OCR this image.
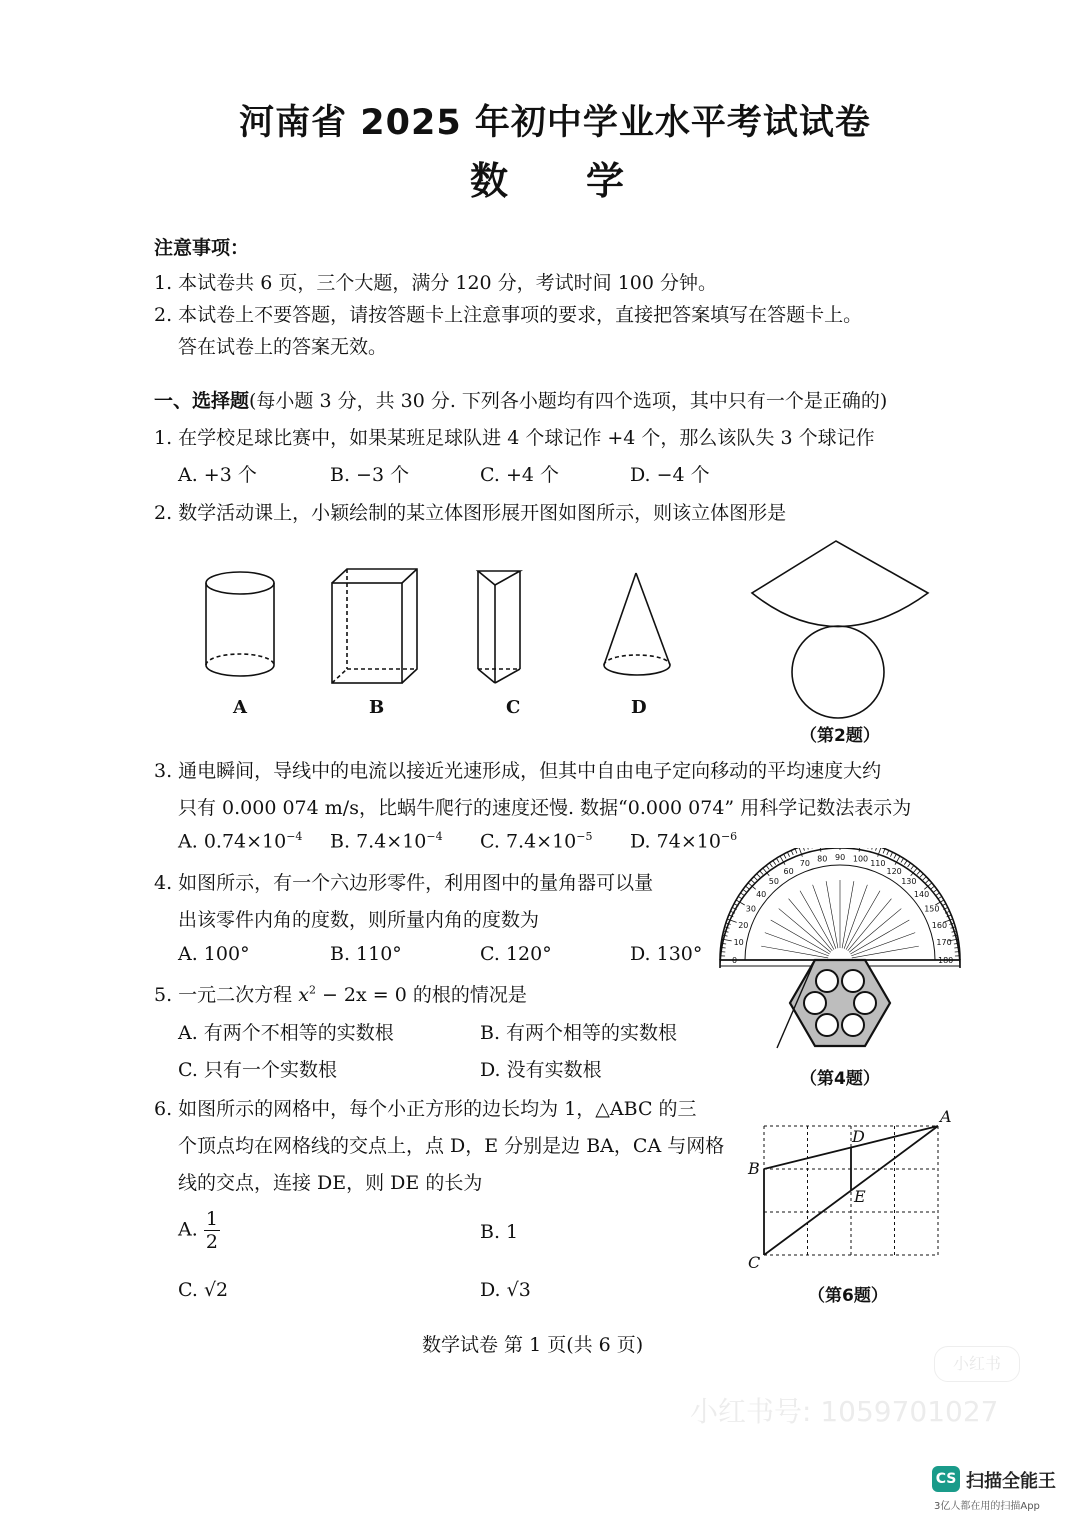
河南省 2025 年初中学业水平考试试卷
数 学
注意事项：
1. 本试卷共 6 页，三个大题，满分 120 分，考试时间 100 分钟。
2. 本试卷上不要答题，请按答题卡上注意事项的要求，直接把答案填写在答题卡上。
答在试卷上的答案无效。
一、选择题(每小题 3 分，共 30 分. 下列各小题均有四个选项，其中只有一个是正确的)
1. 在学校足球比赛中，如果某班足球队进 4 个球记作 +4 个，那么该队失 3 个球记作
A. +3 个	B. −3 个	C. +4 个	D. −4 个
2. 数学活动课上，小颖绘制的某立体图形展开图如图所示，则该立体图形是
A	B	C	D
（第2题）
3. 通电瞬间，导线中的电流以接近光速形成，但其中自由电子定向移动的平均速度大约
只有 0.000 074 m/s，比蜗牛爬行的速度还慢. 数据“0.000 074” 用科学记数法表示为
A. $0.74\times 10^{-4}$ B. $7.4\times 10^{-4}$ C. $7.4\times 10^{-5}$ D. $74\times 10^{-6}$
4. 如图所示，有一个六边形零件，利用图中的量角器可以量
出该零件内角的度数，则所量内角的度数为
A. 100°	B. 110°	C. 120°	D. 130°	0
10
20
30
40
50
60
70
80 90 100
110
120
130
140
150
160
170
180
（第4题）
5. 一元二次方程 $x^2 - 2x = 0$ 的根的情况是
A. 有两个不相等的实数根	B. 有两个相等的实数根
C. 只有一个实数根	D. 没有实数根
6. 如图所示的网格中，每个小正方形的边长均为 1，△ABC 的三
个顶点均在网格线的交点上，点 D，E 分别是边 BA，CA 与网格
线的交点，连接 DE，则 DE 的长为
A. $\frac{1}{2}$	B. 1
C. √2	D. √3
A
B
C
D
E
（第6题）
数学试卷 第 1 页(共 6 页)
小红书
小红书号: 1059701027
CS 扫描全能王
3亿人都在用的扫描App
